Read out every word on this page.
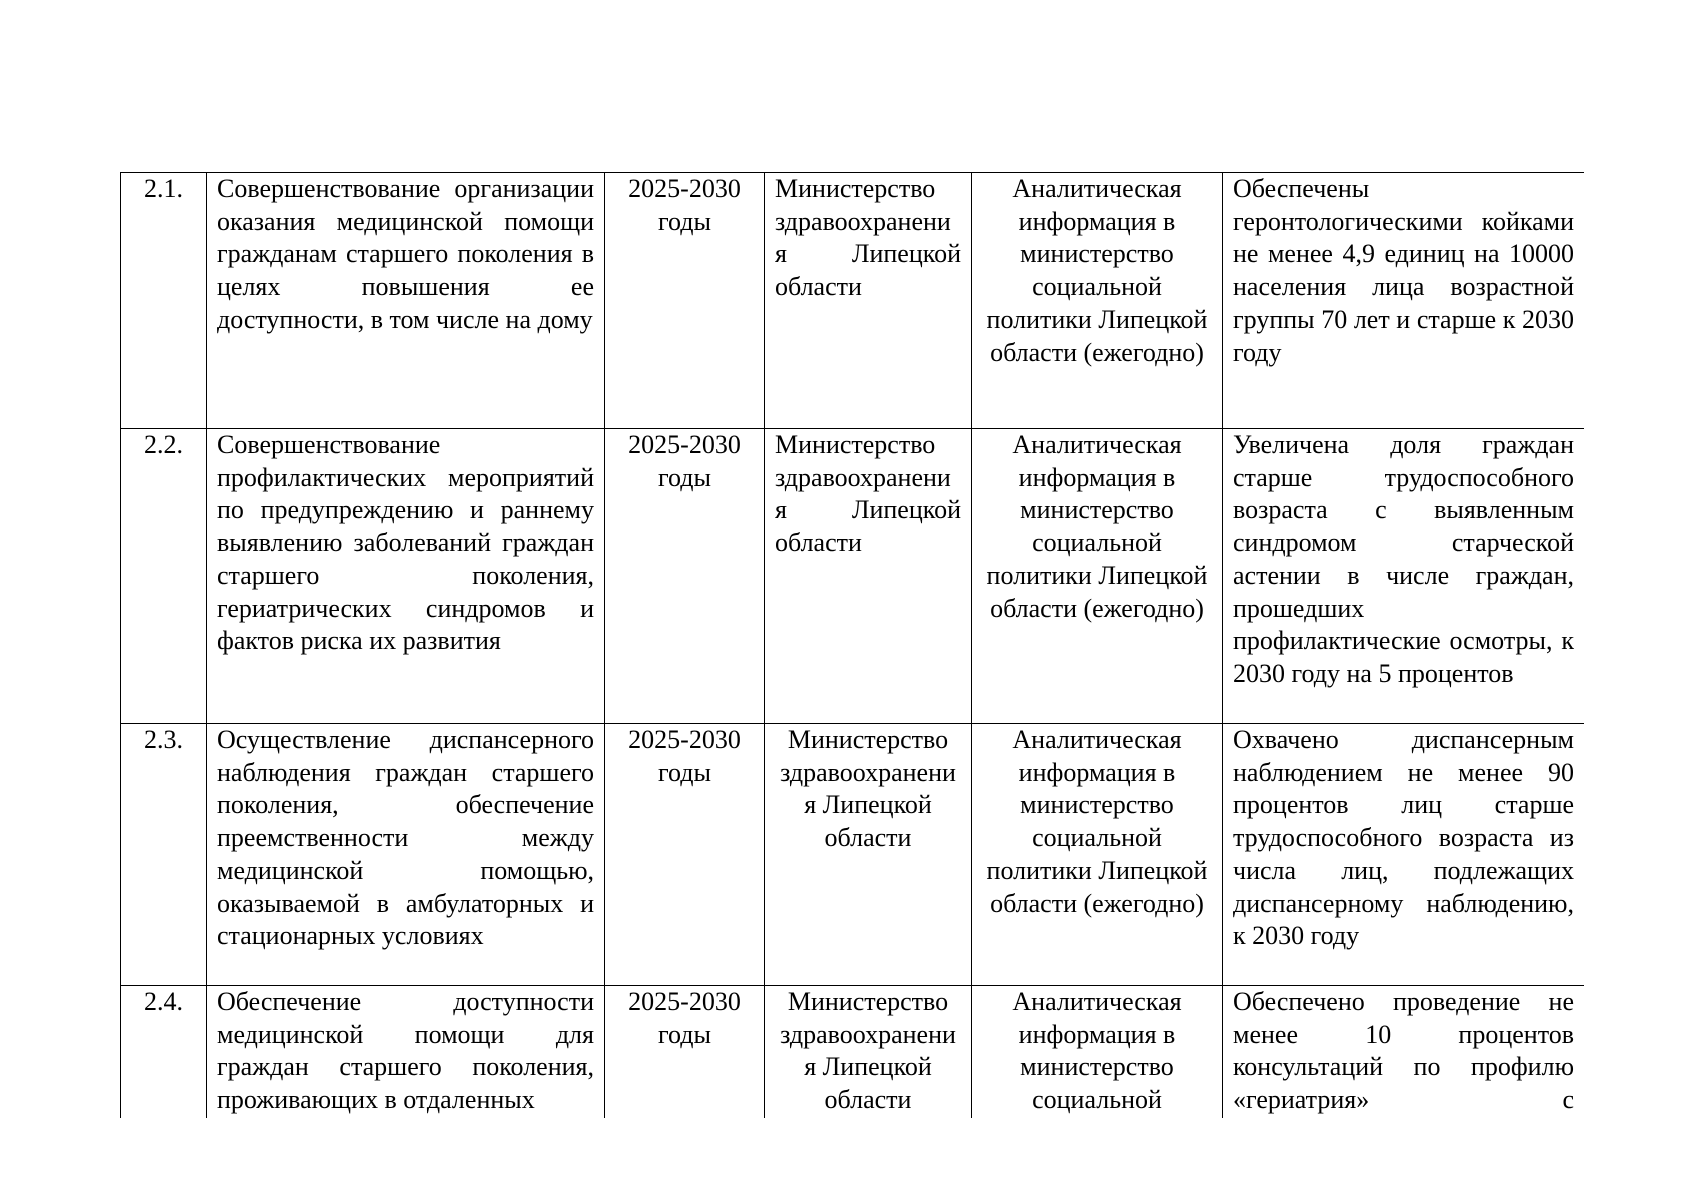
2.1.	Совершенствование организации оказания медицинской помощи гражданам старшего поколения в целях повышения ее доступности, в том числе на дому	2025-2030 годы	Министерство здравоохранения Липецкой области	Аналитическая информация в министерство социальной политики Липецкой области (ежегодно)	Обеспечены геронтологическими койками не менее 4,9 единиц на 10000 населения лица возрастной группы 70 лет и старше к 2030 году
2.2.	Совершенствование профилактических мероприятий по предупреждению и раннему выявлению заболеваний граждан старшего поколения, гериатрических синдромов и фактов риска их развития	2025-2030 годы	Министерство здравоохранения Липецкой области	Аналитическая информация в министерство социальной политики Липецкой области (ежегодно)	Увеличена доля граждан старше трудоспособного возраста с выявленным синдромом старческой астении в числе граждан, прошедших профилактические осмотры, к 2030 году на 5 процентов
2.3.	Осуществление диспансерного наблюдения граждан старшего поколения, обеспечение преемственности между медицинской помощью, оказываемой в амбулаторных и стационарных условиях	2025-2030 годы	Министерство здравоохранения Липецкой области	Аналитическая информация в министерство социальной политики Липецкой области (ежегодно)	Охвачено диспансерным наблюдением не менее 90 процентов лиц старше трудоспособного возраста из числа лиц, подлежащих диспансерному наблюдению, к 2030 году
2.4.	Обеспечение доступности медицинской помощи для граждан старшего поколения, проживающих в отдаленных	2025-2030 годы	Министерство здравоохранения Липецкой области	Аналитическая информация в министерство социальной	Обеспечено проведение не менее 10 процентов консультаций по профилю «гериатрия» с
